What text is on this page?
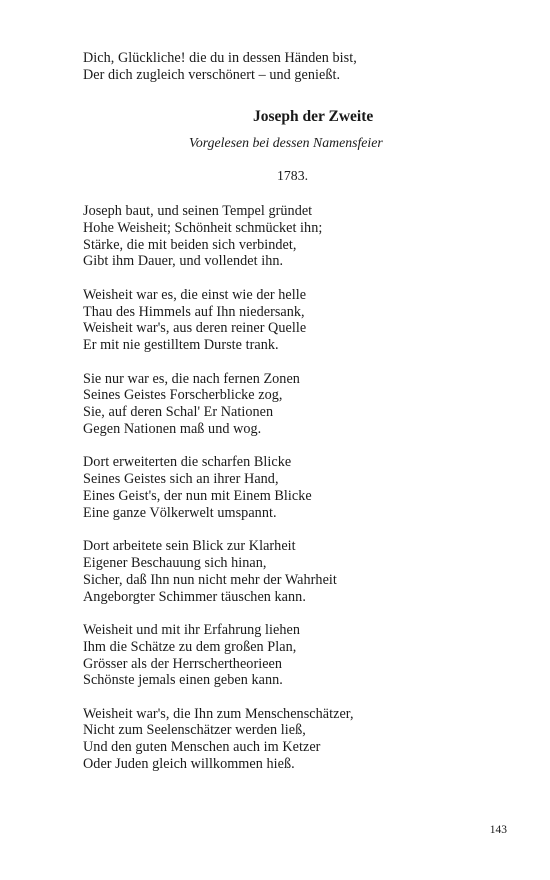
Dich, Glückliche! die du in dessen Händen bist,
Der dich zugleich verschönert – und genießt.
Joseph der Zweite
Vorgelesen bei dessen Namensfeier
1783.
Joseph baut, und seinen Tempel gründet
Hohe Weisheit; Schönheit schmücket ihn;
Stärke, die mit beiden sich verbindet,
Gibt ihm Dauer, und vollendet ihn.
Weisheit war es, die einst wie der helle
Thau des Himmels auf Ihn niedersank,
Weisheit war's, aus deren reiner Quelle
Er mit nie gestilltem Durste trank.
Sie nur war es, die nach fernen Zonen
Seines Geistes Forscherblicke zog,
Sie, auf deren Schal' Er Nationen
Gegen Nationen maß und wog.
Dort erweiterten die scharfen Blicke
Seines Geistes sich an ihrer Hand,
Eines Geist's, der nun mit Einem Blicke
Eine ganze Völkerwelt umspannt.
Dort arbeitete sein Blick zur Klarheit
Eigener Beschauung sich hinan,
Sicher, daß Ihn nun nicht mehr der Wahrheit
Angeborgter Schimmer täuschen kann.
Weisheit und mit ihr Erfahrung liehen
Ihm die Schätze zu dem großen Plan,
Grösser als der Herrschertheorieen
Schönste jemals einen geben kann.
Weisheit war's, die Ihn zum Menschenschätzer,
Nicht zum Seelenschätzer werden ließ,
Und den guten Menschen auch im Ketzer
Oder Juden gleich willkommen hieß.
143
